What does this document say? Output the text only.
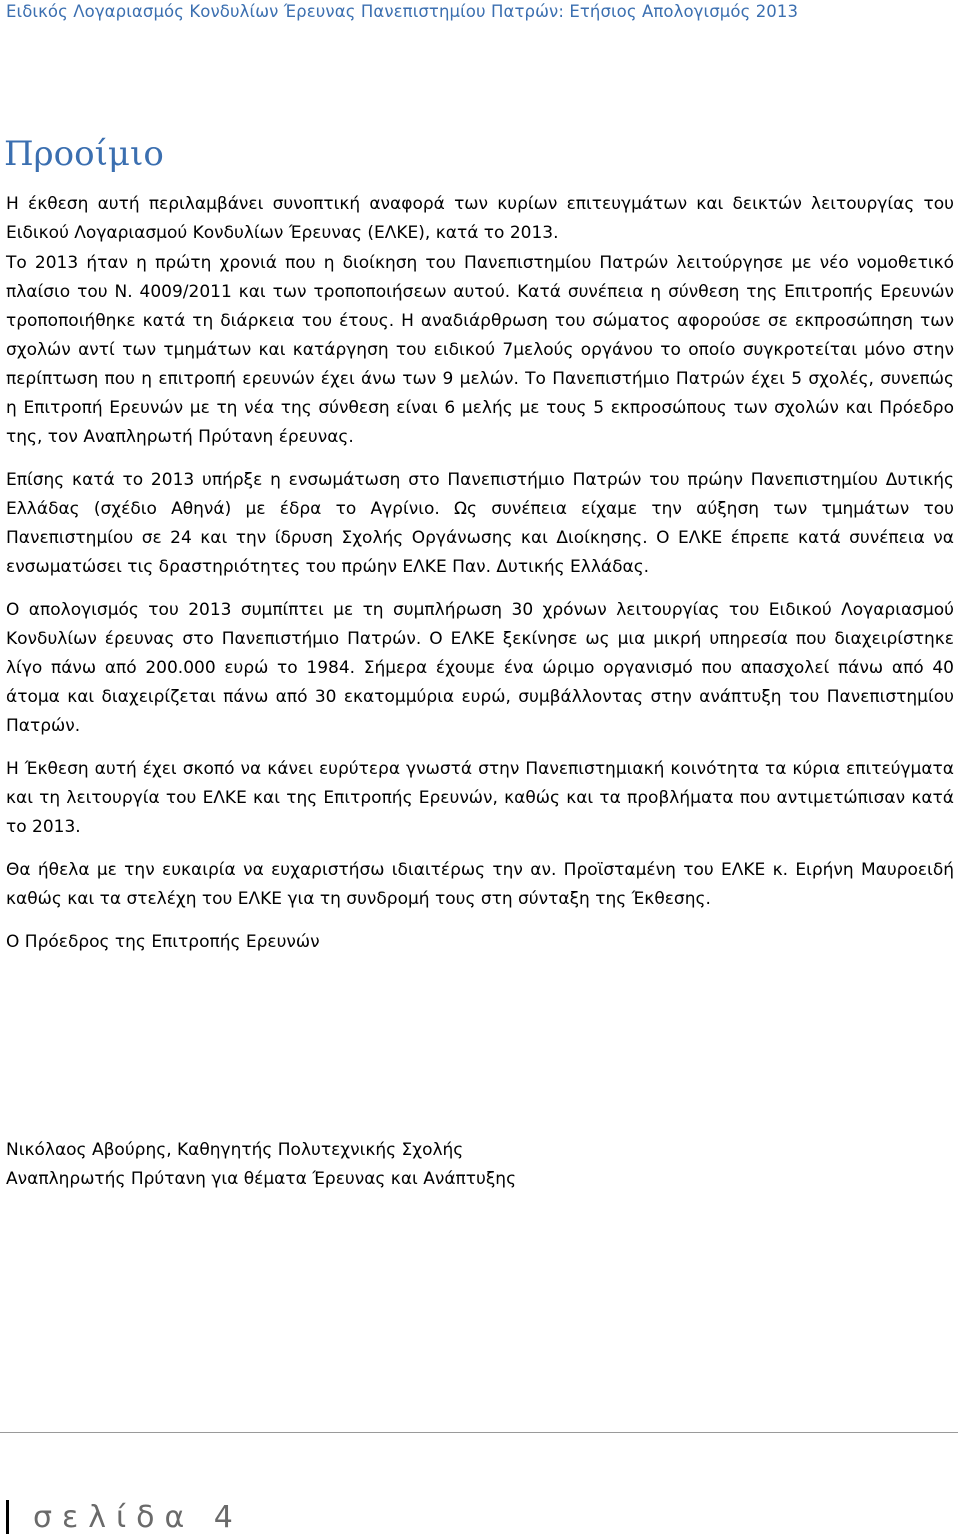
Ειδικός Λογαριασμός Κονδυλίων Έρευνας Πανεπιστημίου Πατρών: Ετήσιος Απολογισμός 2013
Προοίμιο

Η έκθεση αυτή περιλαμβάνει συνοπτική αναφορά των κυρίων επιτευγμάτων και δεικτών λειτουργίας του Ειδικού Λογαριασμού Κονδυλίων Έρευνας (ΕΛΚΕ), κατά το 2013.

Το 2013 ήταν η πρώτη χρονιά που η διοίκηση του Πανεπιστημίου Πατρών λειτούργησε με νέο νομοθετικό πλαίσιο του Ν. 4009/2011 και των τροποποιήσεων αυτού. Κατά συνέπεια η σύνθεση της Επιτροπής Ερευνών τροποποιήθηκε κατά τη διάρκεια του έτους. Η αναδιάρθρωση του σώματος αφορούσε σε εκπροσώπηση των σχολών αντί των τμημάτων και κατάργηση του ειδικού 7μελούς οργάνου το οποίο συγκροτείται μόνο στην περίπτωση που η επιτροπή ερευνών έχει άνω των 9 μελών. Το Πανεπιστήμιο Πατρών έχει 5 σχολές, συνεπώς η Επιτροπή Ερευνών με τη νέα της σύνθεση είναι 6 μελής με τους 5 εκπροσώπους των σχολών και Πρόεδρο της, τον Αναπληρωτή Πρύτανη έρευνας.

Επίσης κατά το 2013 υπήρξε η ενσωμάτωση στο Πανεπιστήμιο Πατρών του πρώην Πανεπιστημίου Δυτικής Ελλάδας (σχέδιο Αθηνά) με έδρα το Αγρίνιο. Ως συνέπεια είχαμε την αύξηση των τμημάτων του Πανεπιστημίου σε 24 και την ίδρυση Σχολής Οργάνωσης και Διοίκησης. Ο ΕΛΚΕ έπρεπε κατά συνέπεια να ενσωματώσει τις δραστηριότητες του πρώην ΕΛΚΕ Παν. Δυτικής Ελλάδας.

Ο απολογισμός του 2013 συμπίπτει με τη συμπλήρωση 30 χρόνων λειτουργίας του Ειδικού Λογαριασμού Κονδυλίων έρευνας στο Πανεπιστήμιο Πατρών. Ο ΕΛΚΕ ξεκίνησε ως μια μικρή υπηρεσία που διαχειρίστηκε λίγο πάνω από 200.000 ευρώ το 1984. Σήμερα έχουμε ένα ώριμο οργανισμό που απασχολεί πάνω από 40 άτομα και διαχειρίζεται πάνω από 30 εκατομμύρια ευρώ, συμβάλλοντας στην ανάπτυξη του Πανεπιστημίου Πατρών.

Η Έκθεση αυτή έχει σκοπό να κάνει ευρύτερα γνωστά στην Πανεπιστημιακή κοινότητα τα κύρια επιτεύγματα και τη λειτουργία του ΕΛΚΕ και της Επιτροπής Ερευνών, καθώς και τα προβλήματα που αντιμετώπισαν κατά το 2013.

Θα ήθελα με την ευκαιρία να ευχαριστήσω ιδιαιτέρως την αν. Προϊσταμένη του ΕΛΚΕ κ. Ειρήνη Μαυροειδή καθώς και τα στελέχη του ΕΛΚΕ για τη συνδρομή τους στη σύνταξη της Έκθεσης.

Ο Πρόεδρος της Επιτροπής Ερευνών

Νικόλαος Αβούρης, Καθηγητής Πολυτεχνικής Σχολής
Αναπληρωτής Πρύτανη για θέματα Έρευνας και Ανάπτυξης
σελίδα 4
